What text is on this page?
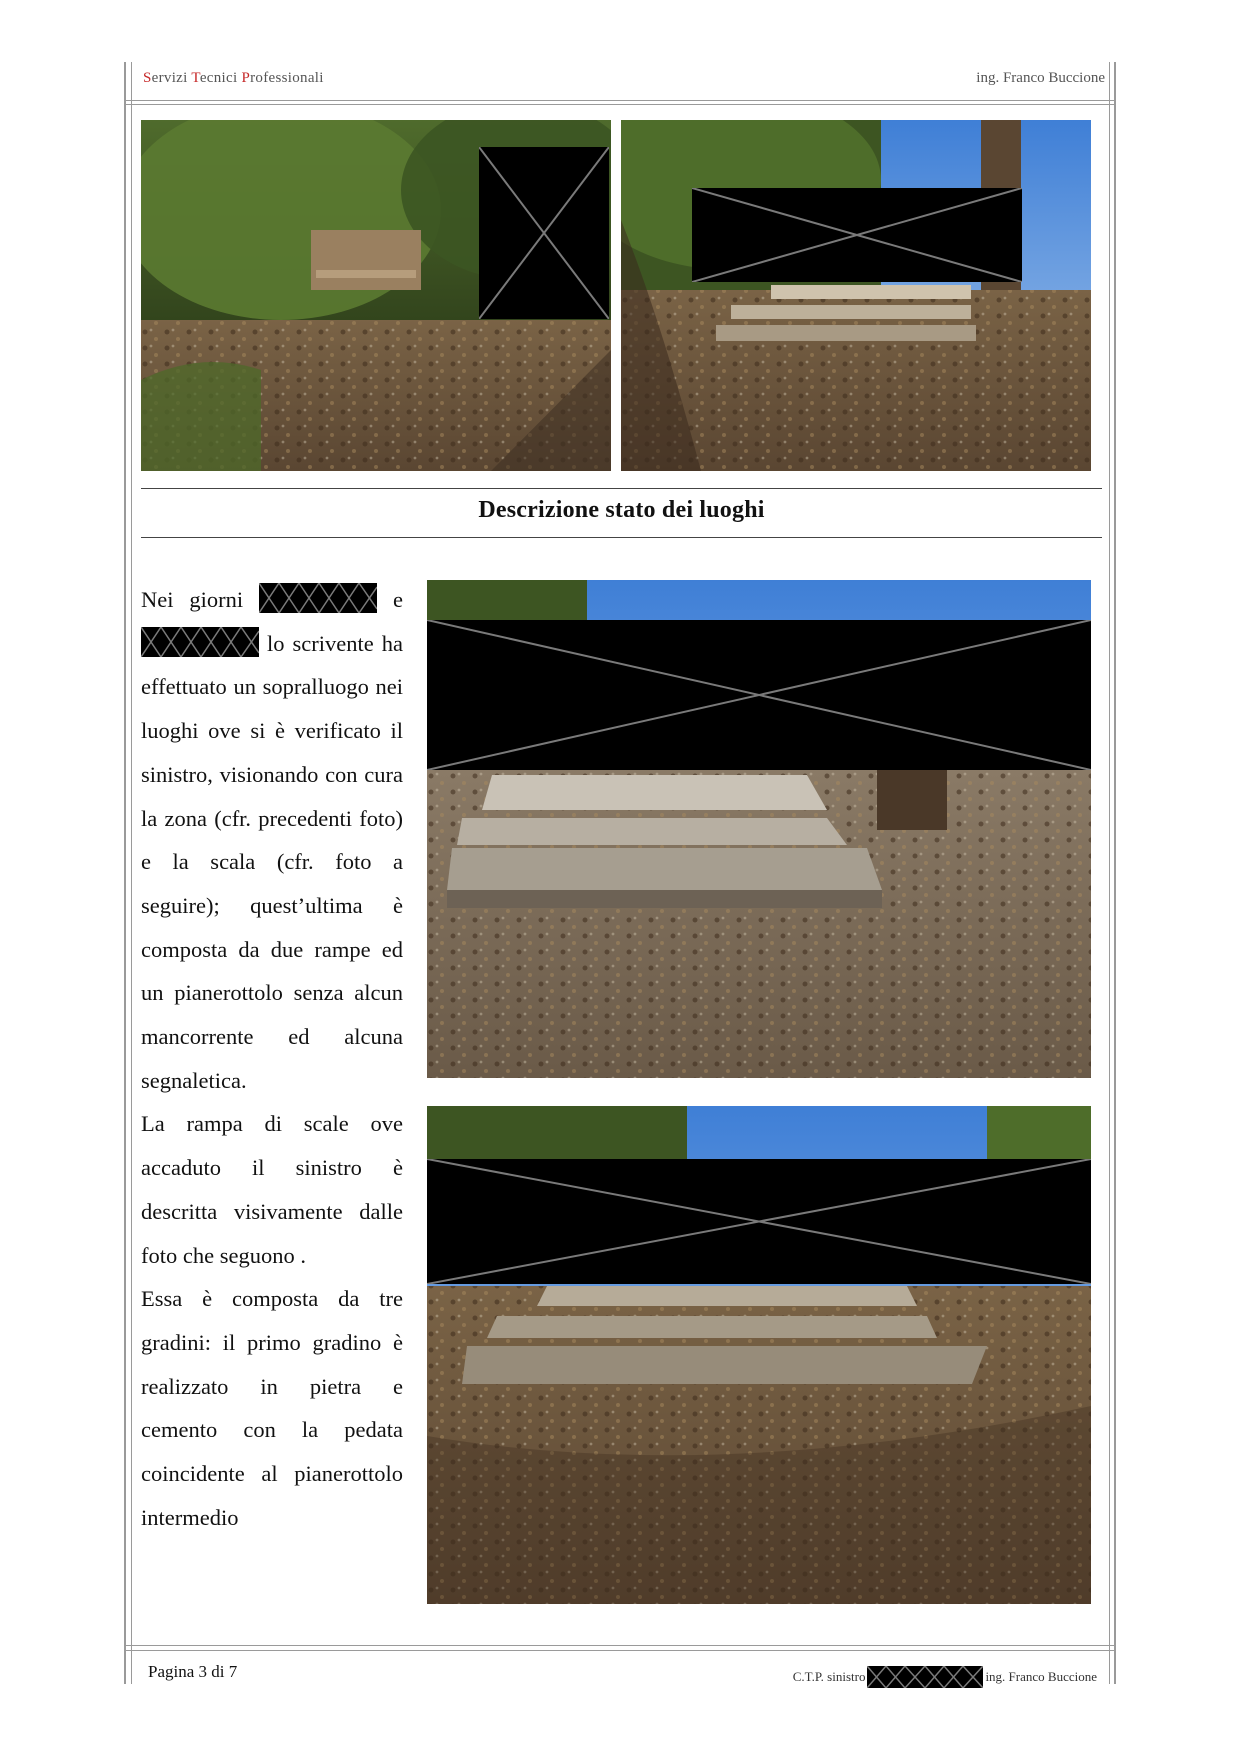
Servizi Tecnici Professionali	ing. Franco Buccione
Descrizione stato dei luoghi

Nei giorni	e
lo scrivente ha effettuato un sopralluogo nei luoghi ove si è verificato il sinistro, visionando con cura la zona (cfr. precedenti foto) e la scala (cfr. foto a seguire); quest’ultima è composta da due rampe ed un pianerottolo senza alcun mancorrente ed alcuna segnaletica.

La rampa di scale ove accaduto il sinistro è descritta visivamente dalle foto che seguono .

Essa è composta da tre gradini: il primo gradino è realizzato in pietra e cemento con la pedata coincidente al pianerottolo intermedio

Pagina 3 di 7	C.T.P. sinistro	ing. Franco Buccione
